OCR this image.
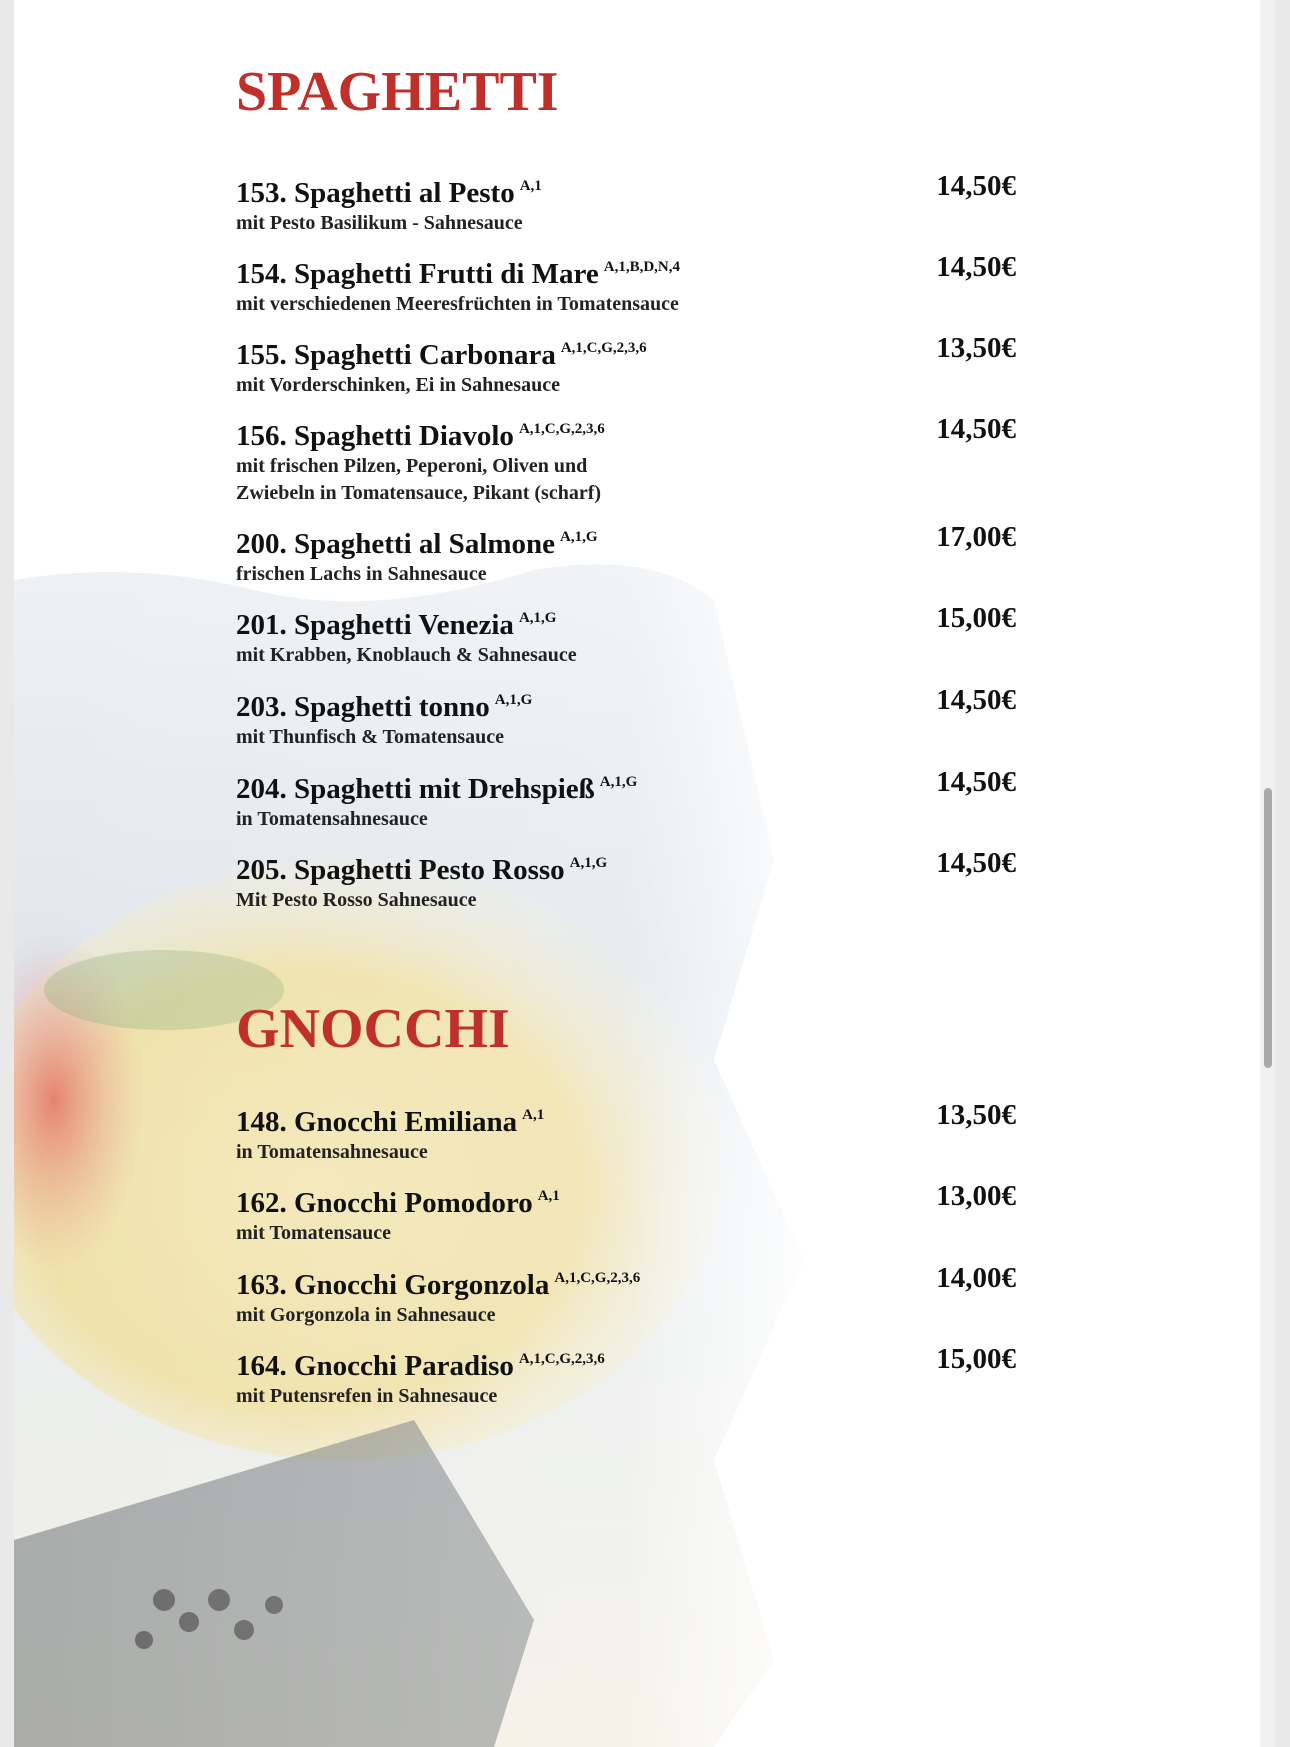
SPAGHETTI
153. Spaghetti al Pesto $^{A,1}$
mit Pesto Basilikum - Sahnesauce
14,50€
154. Spaghetti Frutti di Mare $^{A,1,B,D,N,4}$
mit verschiedenen Meeresfrüchten in Tomatensauce
14,50€
155. Spaghetti Carbonara $^{A,1,C,G,2,3,6}$
mit Vorderschinken, Ei in Sahnesauce
13,50€
156. Spaghetti Diavolo $^{A,1,C,G,2,3,6}$
mit frischen Pilzen, Peperoni, Oliven und Zwiebeln in Tomatensauce, Pikant (scharf)
14,50€
200. Spaghetti al Salmone $^{A,1,G}$
frischen Lachs in Sahnesauce
17,00€
201. Spaghetti Venezia $^{A,1,G}$
mit Krabben, Knoblauch & Sahnesauce
15,00€
203. Spaghetti tonno $^{A,1,G}$
mit Thunfisch & Tomatensauce
14,50€
204. Spaghetti mit Drehspieß $^{A,1,G}$
in Tomatensahnesauce
14,50€
205. Spaghetti Pesto Rosso $^{A,1,G}$
Mit Pesto Rosso Sahnesauce
14,50€
GNOCCHI
148. Gnocchi Emiliana $^{A,1}$
in Tomatensahnesauce
13,50€
162. Gnocchi Pomodoro $^{A,1}$
mit Tomatensauce
13,00€
163. Gnocchi Gorgonzola $^{A,1,C,G,2,3,6}$
mit Gorgonzola in Sahnesauce
14,00€
164. Gnocchi Paradiso $^{A,1,C,G,2,3,6}$
mit Putensrefen in Sahnesauce
15,00€
